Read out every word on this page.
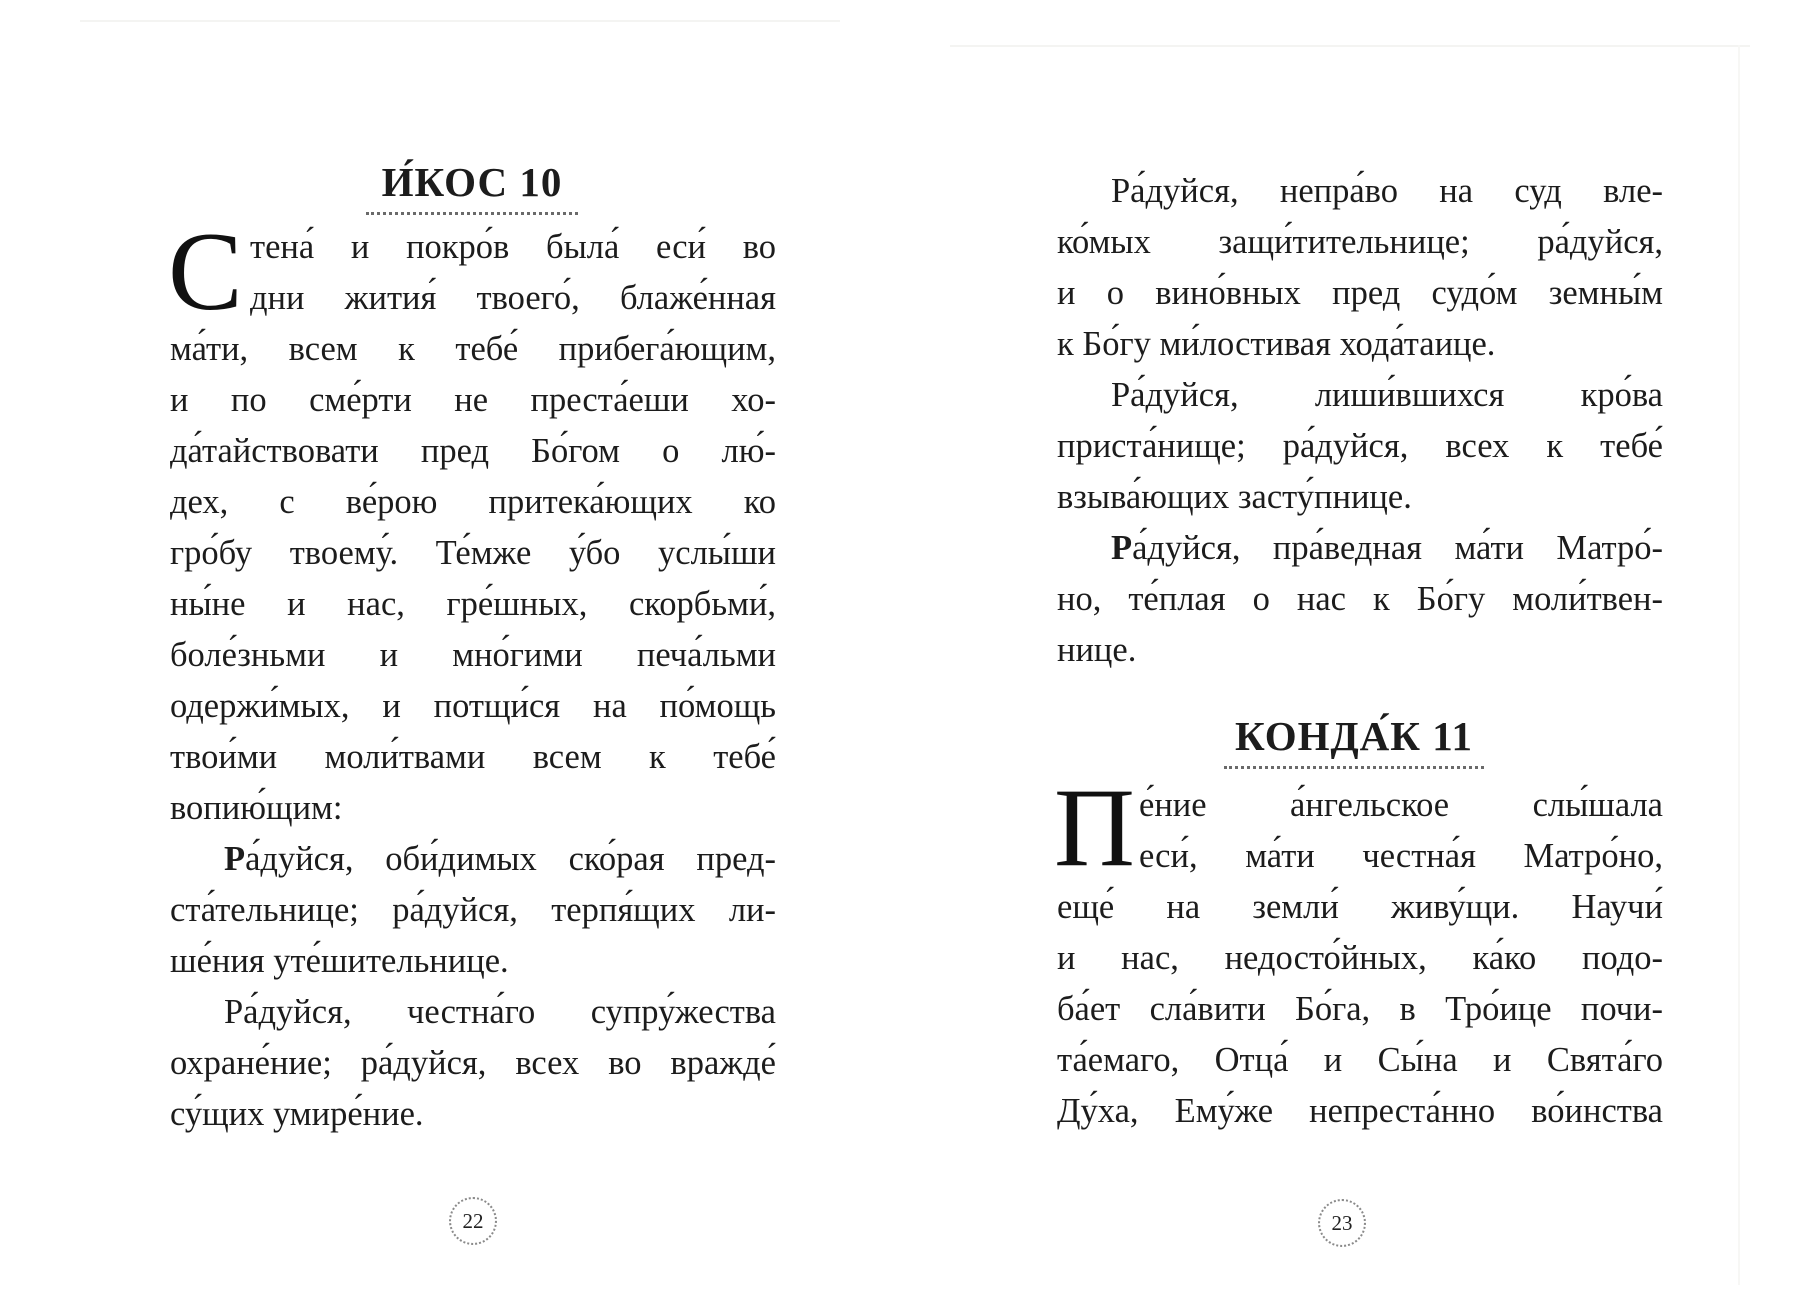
И́КОС 10
С тена́ и покро́в была́ еси́ во
дни жития́ твоего́, блаже́нная
ма́ти, всем к тебе́ прибега́ющим,
и по сме́рти не преста́еши хо-
да́тайствовати пред Бо́гом о лю́-
дех, с ве́рою притека́ющих ко
гро́бу твоему́. Те́мже у́бо услы́ши
ны́не и нас, гре́шных, скорбьми́,
боле́зньми и мно́гими печа́льми
одержи́мых, и потщи́ся на по́мощь
твои́ми моли́твами всем к тебе́
вопию́щим:
Ра́дуйся, оби́димых ско́рая пред-
ста́тельнице; ра́дуйся, терпя́щих ли-
ше́ния уте́шительнице.
Ра́дуйся, честна́го супру́жества
охране́ние; ра́дуйся, всех во вражде́
су́щих умире́ние.
22
Ра́дуйся, непра́во на суд вле-
ко́мых защи́тительнице; ра́дуйся,
и о вино́вных пред судо́м земны́м
к Бо́гу ми́лостивая хода́таице.
Ра́дуйся, лиши́вшихся кро́ва
приста́нище; ра́дуйся, всех к тебе́
взыва́ющих засту́пнице.
Ра́дуйся, пра́ведная ма́ти Матро́-
но, те́плая о нас к Бо́гу моли́твен-
нице.
КОНДА́К 11
П е́ние а́нгельское слы́шала
еси́, ма́ти честна́я Матро́но,
еще́ на земли́ живу́щи. Научи́
и нас, недосто́йных, ка́ко подо-
ба́ет сла́вити Бо́га, в Тро́ице почи-
та́емаго, Отца́ и Сы́на и Свята́го
Ду́ха, Ему́же непреста́нно во́инства
23
